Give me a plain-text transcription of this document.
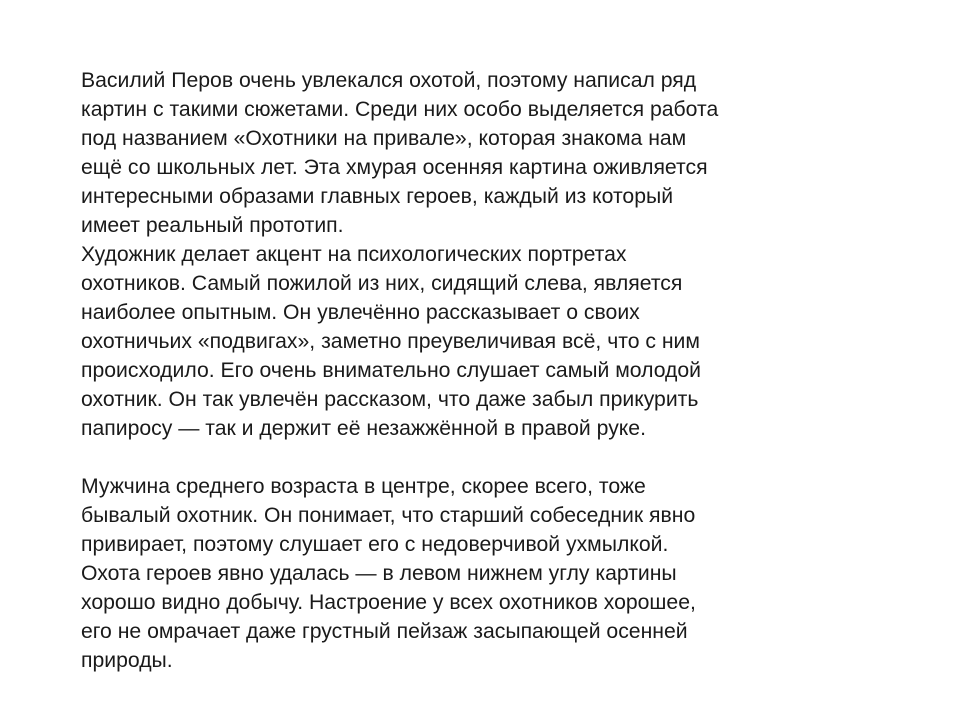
Василий Перов очень увлекался охотой, поэтому написал ряд
картин с такими сюжетами. Среди них особо выделяется работа
под названием «Охотники на привале», которая знакома нам
ещё со школьных лет. Эта хмурая осенняя картина оживляется
интересными образами главных героев, каждый из который
имеет реальный прототип.
Художник делает акцент на психологических портретах
охотников. Самый пожилой из них, сидящий слева, является
наиболее опытным. Он увлечённо рассказывает о своих
охотничьих «подвигах», заметно преувеличивая всё, что с ним
происходило. Его очень внимательно слушает самый молодой
охотник. Он так увлечён рассказом, что даже забыл прикурить
папиросу — так и держит её незажжённой в правой руке.
Мужчина среднего возраста в центре, скорее всего, тоже
бывалый охотник. Он понимает, что старший собеседник явно
привирает, поэтому слушает его с недоверчивой ухмылкой.
Охота героев явно удалась — в левом нижнем углу картины
хорошо видно добычу. Настроение у всех охотников хорошее,
его не омрачает даже грустный пейзаж засыпающей осенней
природы.
